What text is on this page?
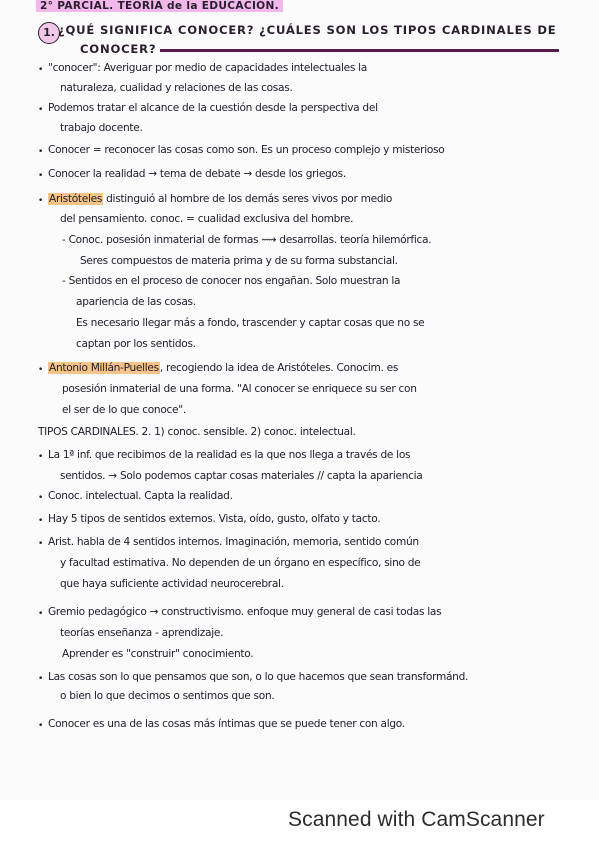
2° PARCIAL. TEORÍA de la EDUCACIÓN.
1. ¿QUÉ SIGNIFICA CONOCER? ¿CUÁLES SON LOS TIPOS CARDINALES DE
CONOCER?
• "conocer": Averiguar por medio de capacidades intelectuales la
naturaleza, cualidad y relaciones de las cosas.
• Podemos tratar el alcance de la cuestión desde la perspectiva del
trabajo docente.
• Conocer = reconocer las cosas como son. Es un proceso complejo y misterioso
• Conocer la realidad → tema de debate → desde los griegos.
• Aristóteles distinguió al hombre de los demás seres vivos por medio
del pensamiento. conoc. = cualidad exclusiva del hombre.
- Conoc. posesión inmaterial de formas ⟿ desarrollas. teoría hilemórfica.
Seres compuestos de materia prima y de su forma substancial.
- Sentidos en el proceso de conocer nos engañan. Solo muestran la
apariencia de las cosas.
Es necesario llegar más a fondo, trascender y captar cosas que no se
captan por los sentidos.
• Antonio Millán-Puelles, recogiendo la idea de Aristóteles. Conocim. es
posesión inmaterial de una forma. "Al conocer se enriquece su ser con
el ser de lo que conoce".
TIPOS CARDINALES. 2. 1) conoc. sensible. 2) conoc. intelectual.
• La 1ª inf. que recibimos de la realidad es la que nos llega a través de los
sentidos. → Solo podemos captar cosas materiales // capta la apariencia
• Conoc. intelectual. Capta la realidad.
• Hay 5 tipos de sentidos externos. Vista, oído, gusto, olfato y tacto.
• Arist. habla de 4 sentidos internos. Imaginación, memoria, sentido común
y facultad estimativa. No dependen de un órgano en específico, sino de
que haya suficiente actividad neurocerebral.
• Gremio pedagógico → constructivismo. enfoque muy general de casi todas las
teorías enseñanza - aprendizaje.
Aprender es "construir" conocimiento.
• Las cosas son lo que pensamos que son, o lo que hacemos que sean transformánd.
o bien lo que decimos o sentimos que son.
• Conocer es una de las cosas más íntimas que se puede tener con algo.
Scanned with CamScanner
